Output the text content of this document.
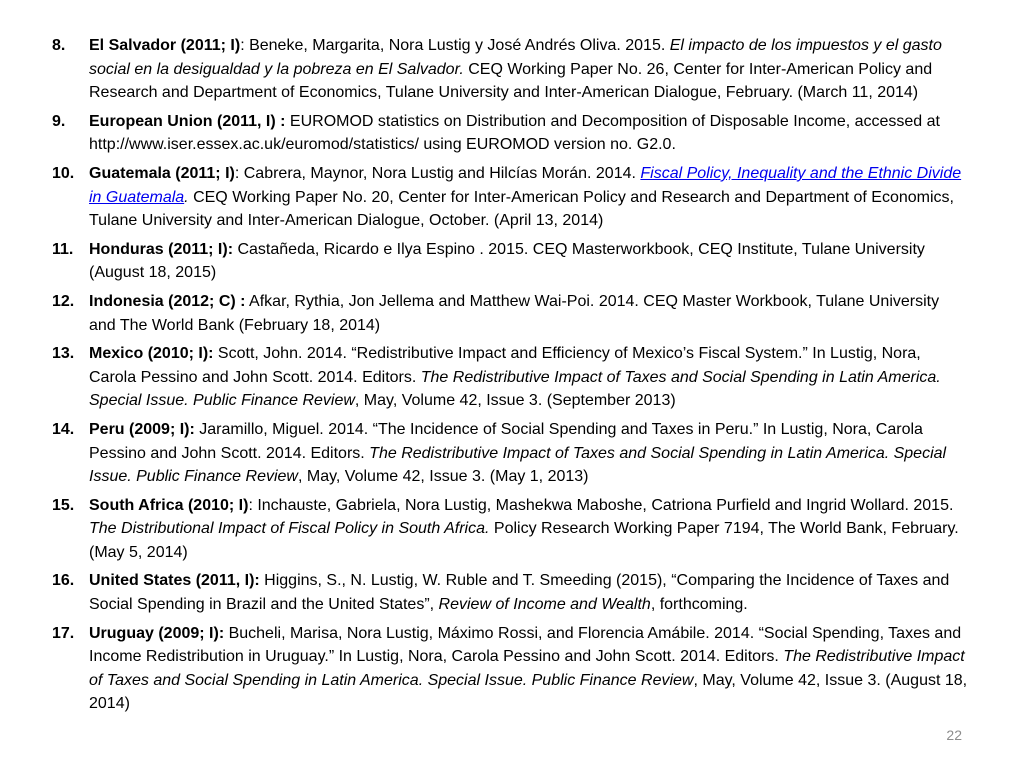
8. El Salvador (2011; I): Beneke, Margarita, Nora Lustig y José Andrés Oliva. 2015. El impacto de los impuestos y el gasto social en la desigualdad y la pobreza en El Salvador. CEQ Working Paper No. 26, Center for Inter-American Policy and Research and Department of Economics, Tulane University and Inter-American Dialogue, February. (March 11, 2014)
9. European Union (2011, I) : EUROMOD statistics on Distribution and Decomposition of Disposable Income, accessed at http://www.iser.essex.ac.uk/euromod/statistics/ using EUROMOD version no. G2.0.
10. Guatemala (2011; I): Cabrera, Maynor, Nora Lustig and Hilcías Morán. 2014. Fiscal Policy, Inequality and the Ethnic Divide in Guatemala. CEQ Working Paper No. 20, Center for Inter-American Policy and Research and Department of Economics, Tulane University and Inter-American Dialogue, October. (April 13, 2014)
11. Honduras (2011; I): Castañeda, Ricardo e Ilya Espino . 2015. CEQ Masterworkbook, CEQ Institute, Tulane University (August 18, 2015)
12. Indonesia (2012; C) : Afkar, Rythia, Jon Jellema and Matthew Wai-Poi. 2014. CEQ Master Workbook, Tulane University and The World Bank (February 18, 2014)
13. Mexico (2010; I): Scott, John. 2014. “Redistributive Impact and Efficiency of Mexico’s Fiscal System.” In Lustig, Nora, Carola Pessino and John Scott. 2014. Editors. The Redistributive Impact of Taxes and Social Spending in Latin America. Special Issue. Public Finance Review, May, Volume 42, Issue 3. (September 2013)
14. Peru (2009; I): Jaramillo, Miguel. 2014. “The Incidence of Social Spending and Taxes in Peru.” In Lustig, Nora, Carola Pessino and John Scott. 2014. Editors. The Redistributive Impact of Taxes and Social Spending in Latin America. Special Issue. Public Finance Review, May, Volume 42, Issue 3. (May 1, 2013)
15. South Africa (2010; I): Inchauste, Gabriela, Nora Lustig, Mashekwa Maboshe, Catriona Purfield and Ingrid Wollard. 2015. The Distributional Impact of Fiscal Policy in South Africa. Policy Research Working Paper 7194, The World Bank, February. (May 5, 2014)
16. United States (2011, I): Higgins, S., N. Lustig, W. Ruble and T. Smeeding (2015), “Comparing the Incidence of Taxes and Social Spending in Brazil and the United States”, Review of Income and Wealth, forthcoming.
17. Uruguay (2009; I): Bucheli, Marisa, Nora Lustig, Máximo Rossi, and Florencia Amábile. 2014. “Social Spending, Taxes and Income Redistribution in Uruguay.” In Lustig, Nora, Carola Pessino and John Scott. 2014. Editors. The Redistributive Impact of Taxes and Social Spending in Latin America. Special Issue. Public Finance Review, May, Volume 42, Issue 3. (August 18, 2014)
22
